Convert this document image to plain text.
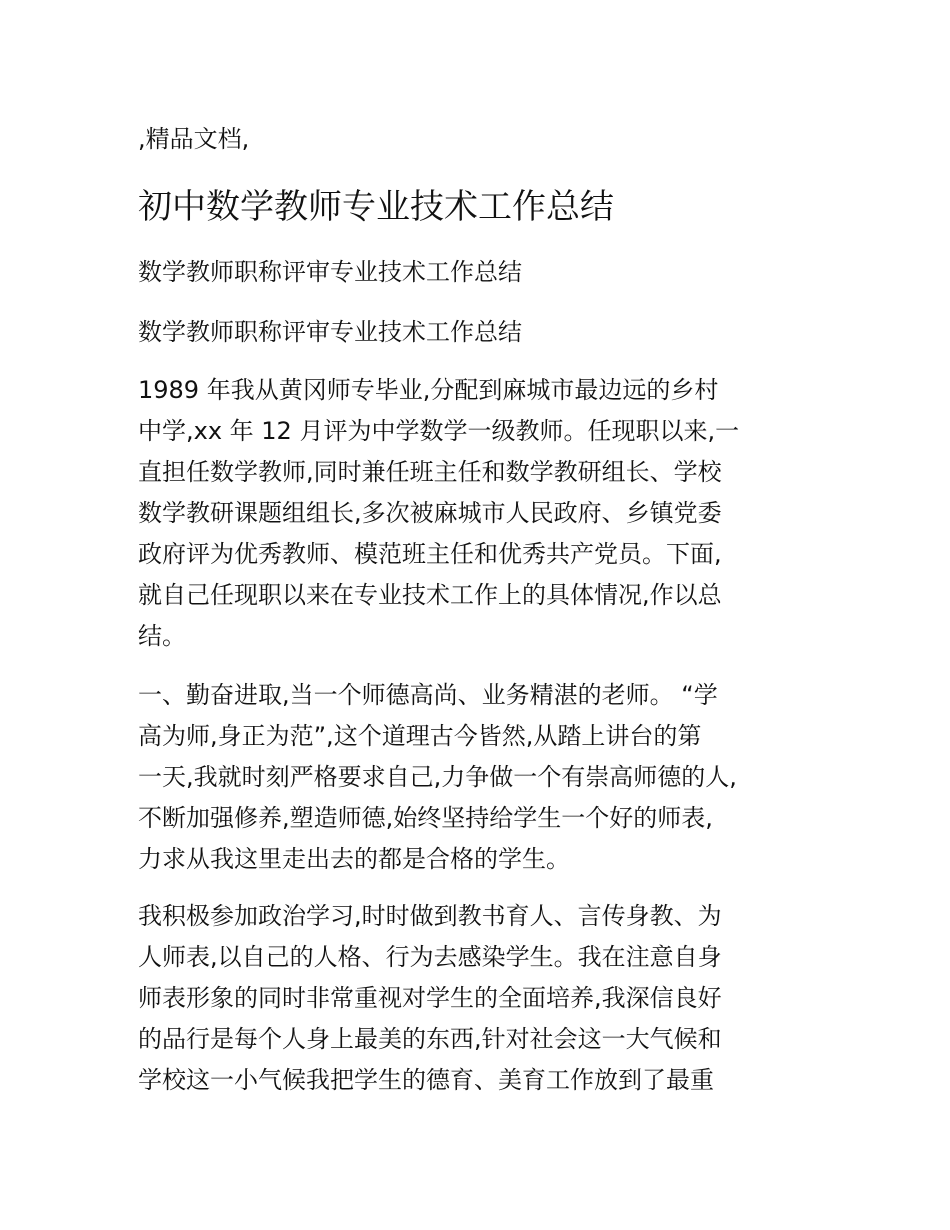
,精品文档,
初中数学教师专业技术工作总结
数学教师职称评审专业技术工作总结
数学教师职称评审专业技术工作总结

1989 年我从黄冈师专毕业,分配到麻城市最边远的乡村
中学,xx 年 12 月评为中学数学一级教师。任现职以来,一
直担任数学教师,同时兼任班主任和数学教研组长、学校
数学教研课题组组长,多次被麻城市人民政府、乡镇党委
政府评为优秀教师、模范班主任和优秀共产党员。下面,
就自己任现职以来在专业技术工作上的具体情况,作以总
结。

一、勤奋进取,当一个师德高尚、业务精湛的老师。 “学
高为师,身正为范”,这个道理古今皆然,从踏上讲台的第
一天,我就时刻严格要求自己,力争做一个有崇高师德的人,
不断加强修养,塑造师德,始终坚持给学生一个好的师表,
力求从我这里走出去的都是合格的学生。

我积极参加政治学习,时时做到教书育人、言传身教、为
人师表,以自己的人格、行为去感染学生。我在注意自身
师表形象的同时非常重视对学生的全面培养,我深信良好
的品行是每个人身上最美的东西,针对社会这一大气候和
学校这一小气候我把学生的德育、美育工作放到了最重
